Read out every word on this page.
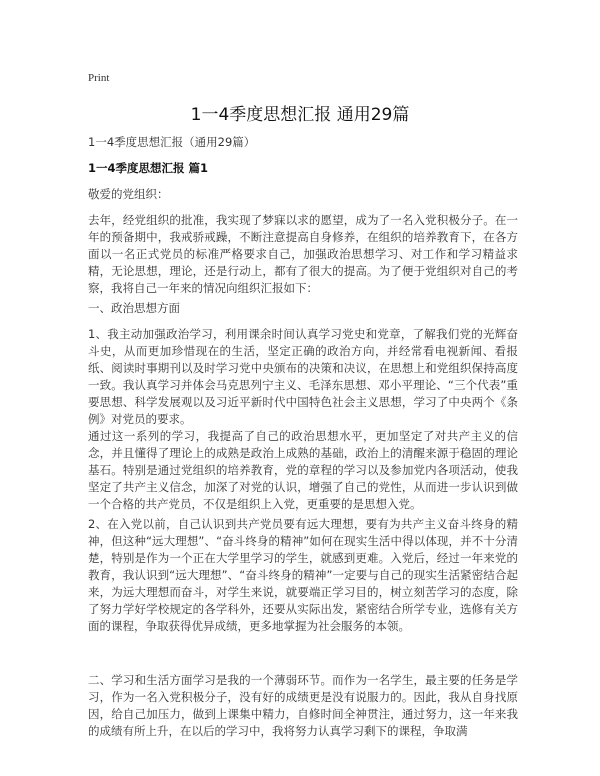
Print
1一4季度思想汇报 通用29篇

1一4季度思想汇报（通用29篇）

1一4季度思想汇报 篇1

敬爱的党组织：

去年，经党组织的批准，我实现了梦寐以求的愿望，成为了一名入党积极分子。在一年的预备期中，我戒骄戒躁，不断注意提高自身修养，在组织的培养教育下，在各方面以一名正式党员的标准严格要求自己，加强政治思想学习、对工作和学习精益求精，无论思想，理论，还是行动上，都有了很大的提高。为了便于党组织对自己的考察，我将自己一年来的情况向组织汇报如下：

一、政治思想方面

1、我主动加强政治学习，利用课余时间认真学习党史和党章，了解我们党的光辉奋斗史，从而更加珍惜现在的生活，坚定正确的政治方向，并经常看电视新闻、看报纸、阅读时事期刊以及时学习党中央颁布的决策和决议，在思想上和党组织保持高度一致。我认真学习并体会马克思列宁主义、毛泽东思想、邓小平理论、“三个代表”重要思想、科学发展观以及习近平新时代中国特色社会主义思想，学习了中央两个《条例》对党员的要求。

通过这一系列的学习，我提高了自己的政治思想水平，更加坚定了对共产主义的信念，并且懂得了理论上的成熟是政治上成熟的基础，政治上的清醒来源于稳固的理论基石。特别是通过党组织的培养教育，党的章程的学习以及参加党内各项活动，使我坚定了共产主义信念，加深了对党的认识，增强了自己的党性，从而进一步认识到做一个合格的共产党员，不仅是组织上入党，更重要的是思想入党。

2、在入党以前，自己认识到共产党员要有远大理想，要有为共产主义奋斗终身的精神，但这种“远大理想”、“奋斗终身的精神”如何在现实生活中得以体现，并不十分清楚，特别是作为一个正在大学里学习的学生，就感到更难。入党后，经过一年来党的教育，我认识到“远大理想”、“奋斗终身的精神”一定要与自己的现实生活紧密结合起来，为远大理想而奋斗，对学生来说，就要端正学习目的，树立刻苦学习的态度，除了努力学好学校规定的各学科外，还要从实际出发，紧密结合所学专业，选修有关方面的课程，争取获得优异成绩，更多地掌握为社会服务的本领。

二、学习和生活方面学习是我的一个薄弱环节。而作为一名学生，最主要的任务是学习，作为一名入党积极分子，没有好的成绩更是没有说服力的。因此，我从自身找原因，给自己加压力，做到上课集中精力，自修时间全神贯注，通过努力，这一年来我的成绩有所上升，在以后的学习中，我将努力认真学习剩下的课程，争取满
